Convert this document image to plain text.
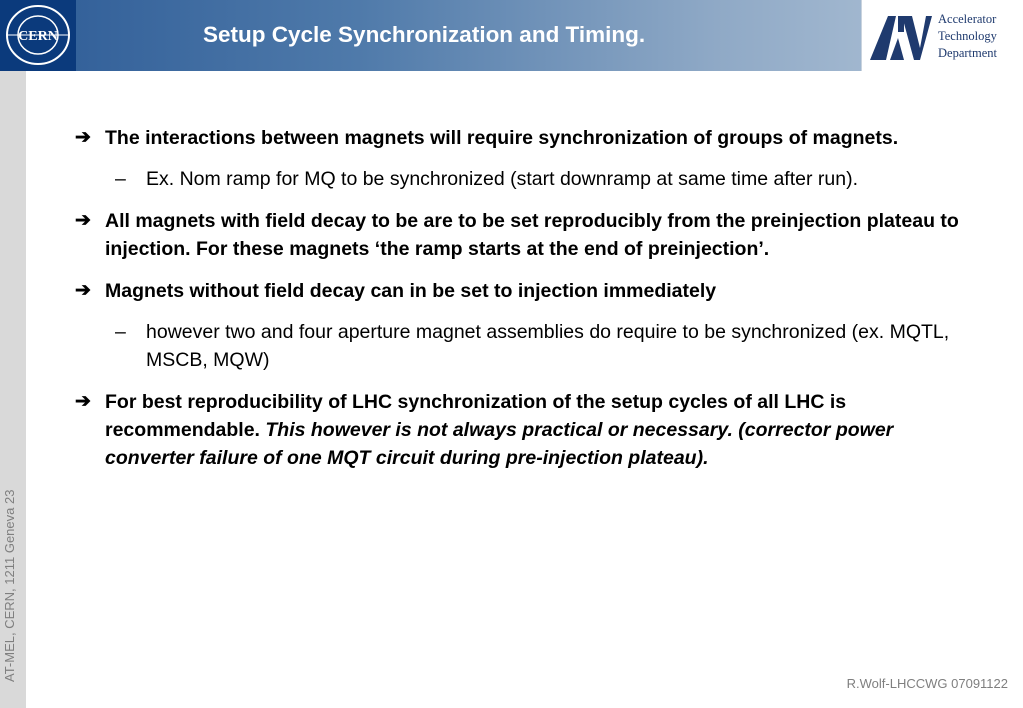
CERN	Setup Cycle Synchronization and Timing.
Accelerator
Technology
Department
AT-MEL, CERN, 1211 Geneva 23
➔ The interactions between magnets will require synchronization of groups of magnets.
– Ex. Nom ramp for MQ to be synchronized (start downramp at same time after run).
➔ All magnets with field decay to be are to be set reproducibly from the preinjection plateau to injection. For these magnets ‘the ramp starts at the end of preinjection’.
➔ Magnets without field decay can in be set to injection immediately
– however two and four aperture magnet assemblies do require to be synchronized (ex. MQTL, MSCB, MQW)
➔ For best reproducibility of LHC synchronization of the setup cycles of all LHC is recommendable. This however is not always practical or necessary. (corrector power converter failure of one MQT circuit during pre-injection plateau).
R.Wolf-LHCCWG 07091122
